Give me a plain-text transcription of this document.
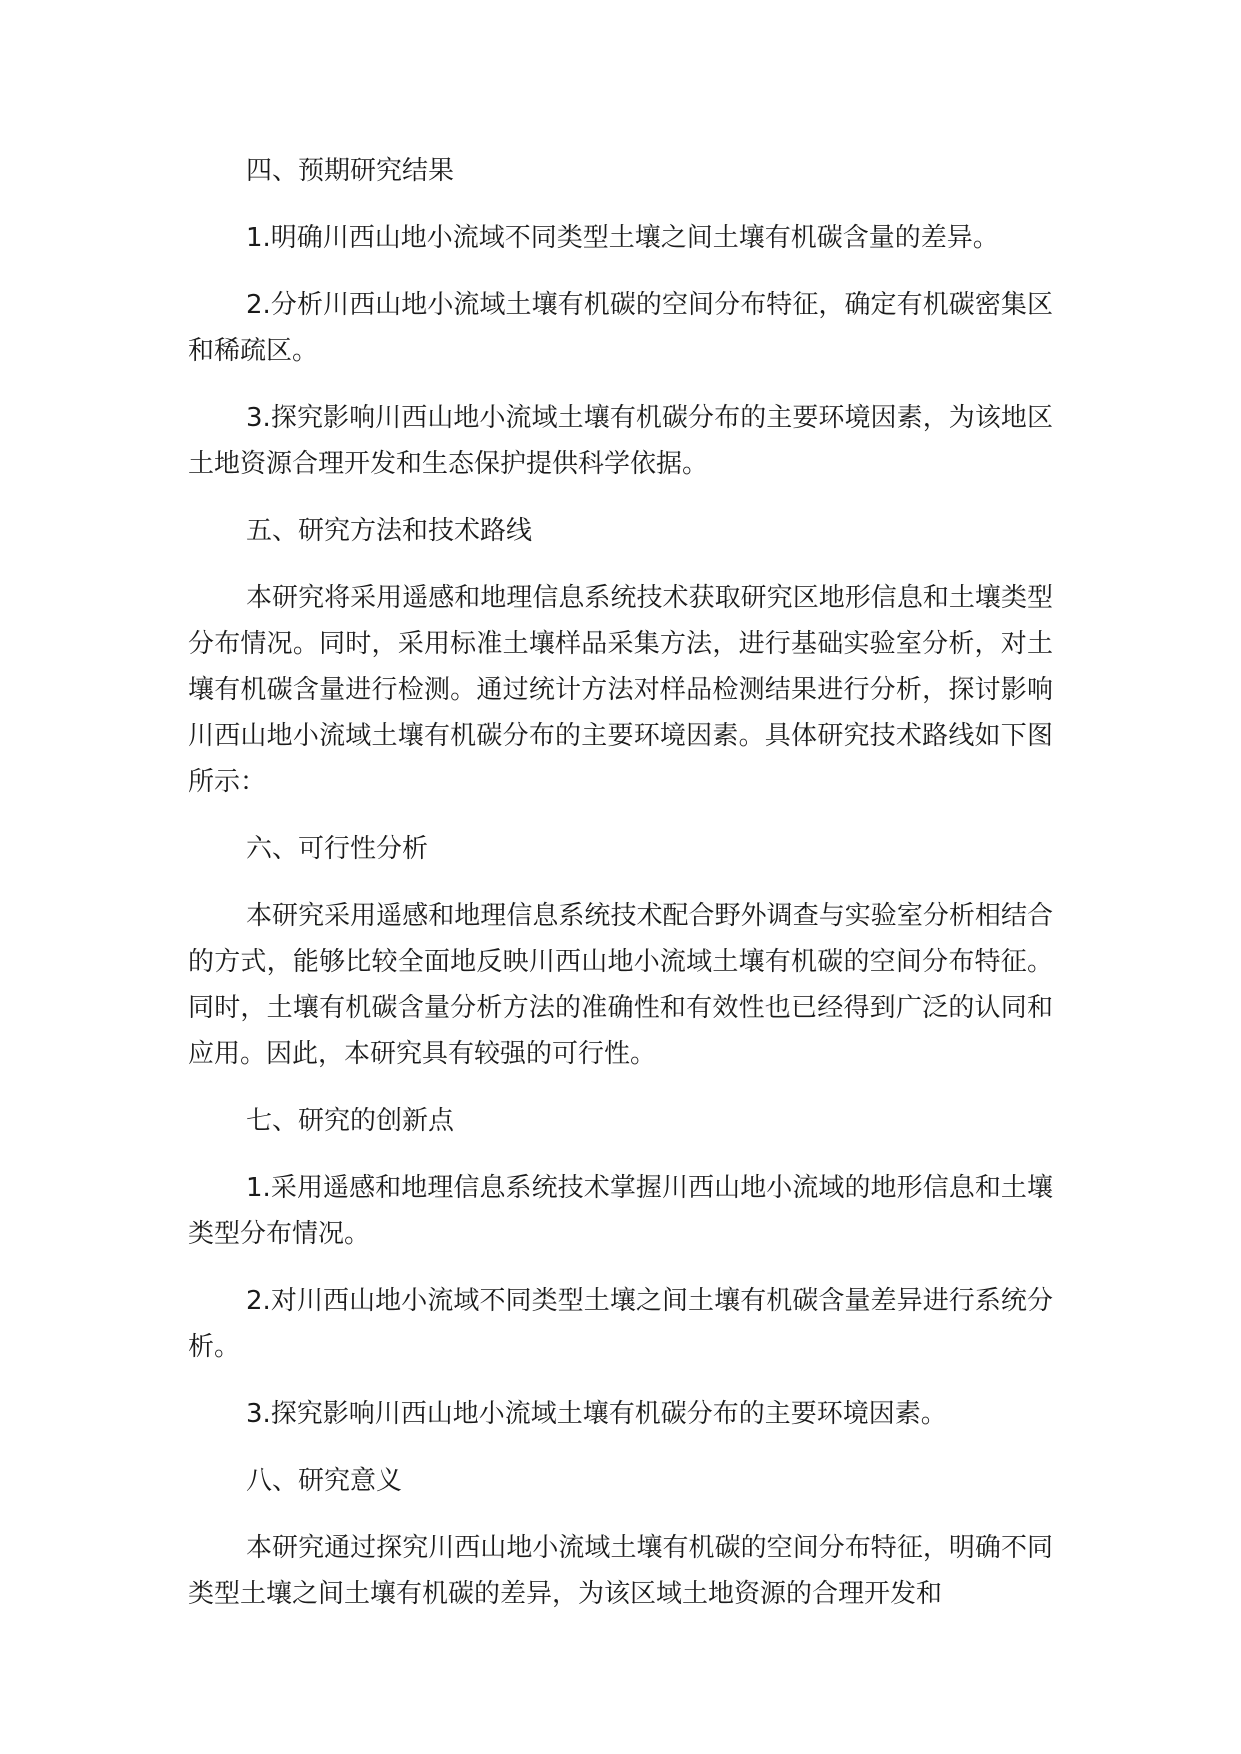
四、预期研究结果

1.明确川西山地小流域不同类型土壤之间土壤有机碳含量的差异。

2.分析川西山地小流域土壤有机碳的空间分布特征，确定有机碳密集区和稀疏区。

3.探究影响川西山地小流域土壤有机碳分布的主要环境因素，为该地区土地资源合理开发和生态保护提供科学依据。

五、研究方法和技术路线

本研究将采用遥感和地理信息系统技术获取研究区地形信息和土壤类型分布情况。同时，采用标准土壤样品采集方法，进行基础实验室分析，对土壤有机碳含量进行检测。通过统计方法对样品检测结果进行分析，探讨影响川西山地小流域土壤有机碳分布的主要环境因素。具体研究技术路线如下图所示：

六、可行性分析

本研究采用遥感和地理信息系统技术配合野外调查与实验室分析相结合的方式，能够比较全面地反映川西山地小流域土壤有机碳的空间分布特征。同时，土壤有机碳含量分析方法的准确性和有效性也已经得到广泛的认同和应用。因此，本研究具有较强的可行性。

七、研究的创新点

1.采用遥感和地理信息系统技术掌握川西山地小流域的地形信息和土壤类型分布情况。

2.对川西山地小流域不同类型土壤之间土壤有机碳含量差异进行系统分析。

3.探究影响川西山地小流域土壤有机碳分布的主要环境因素。

八、研究意义

本研究通过探究川西山地小流域土壤有机碳的空间分布特征，明确不同类型土壤之间土壤有机碳的差异，为该区域土地资源的合理开发和
